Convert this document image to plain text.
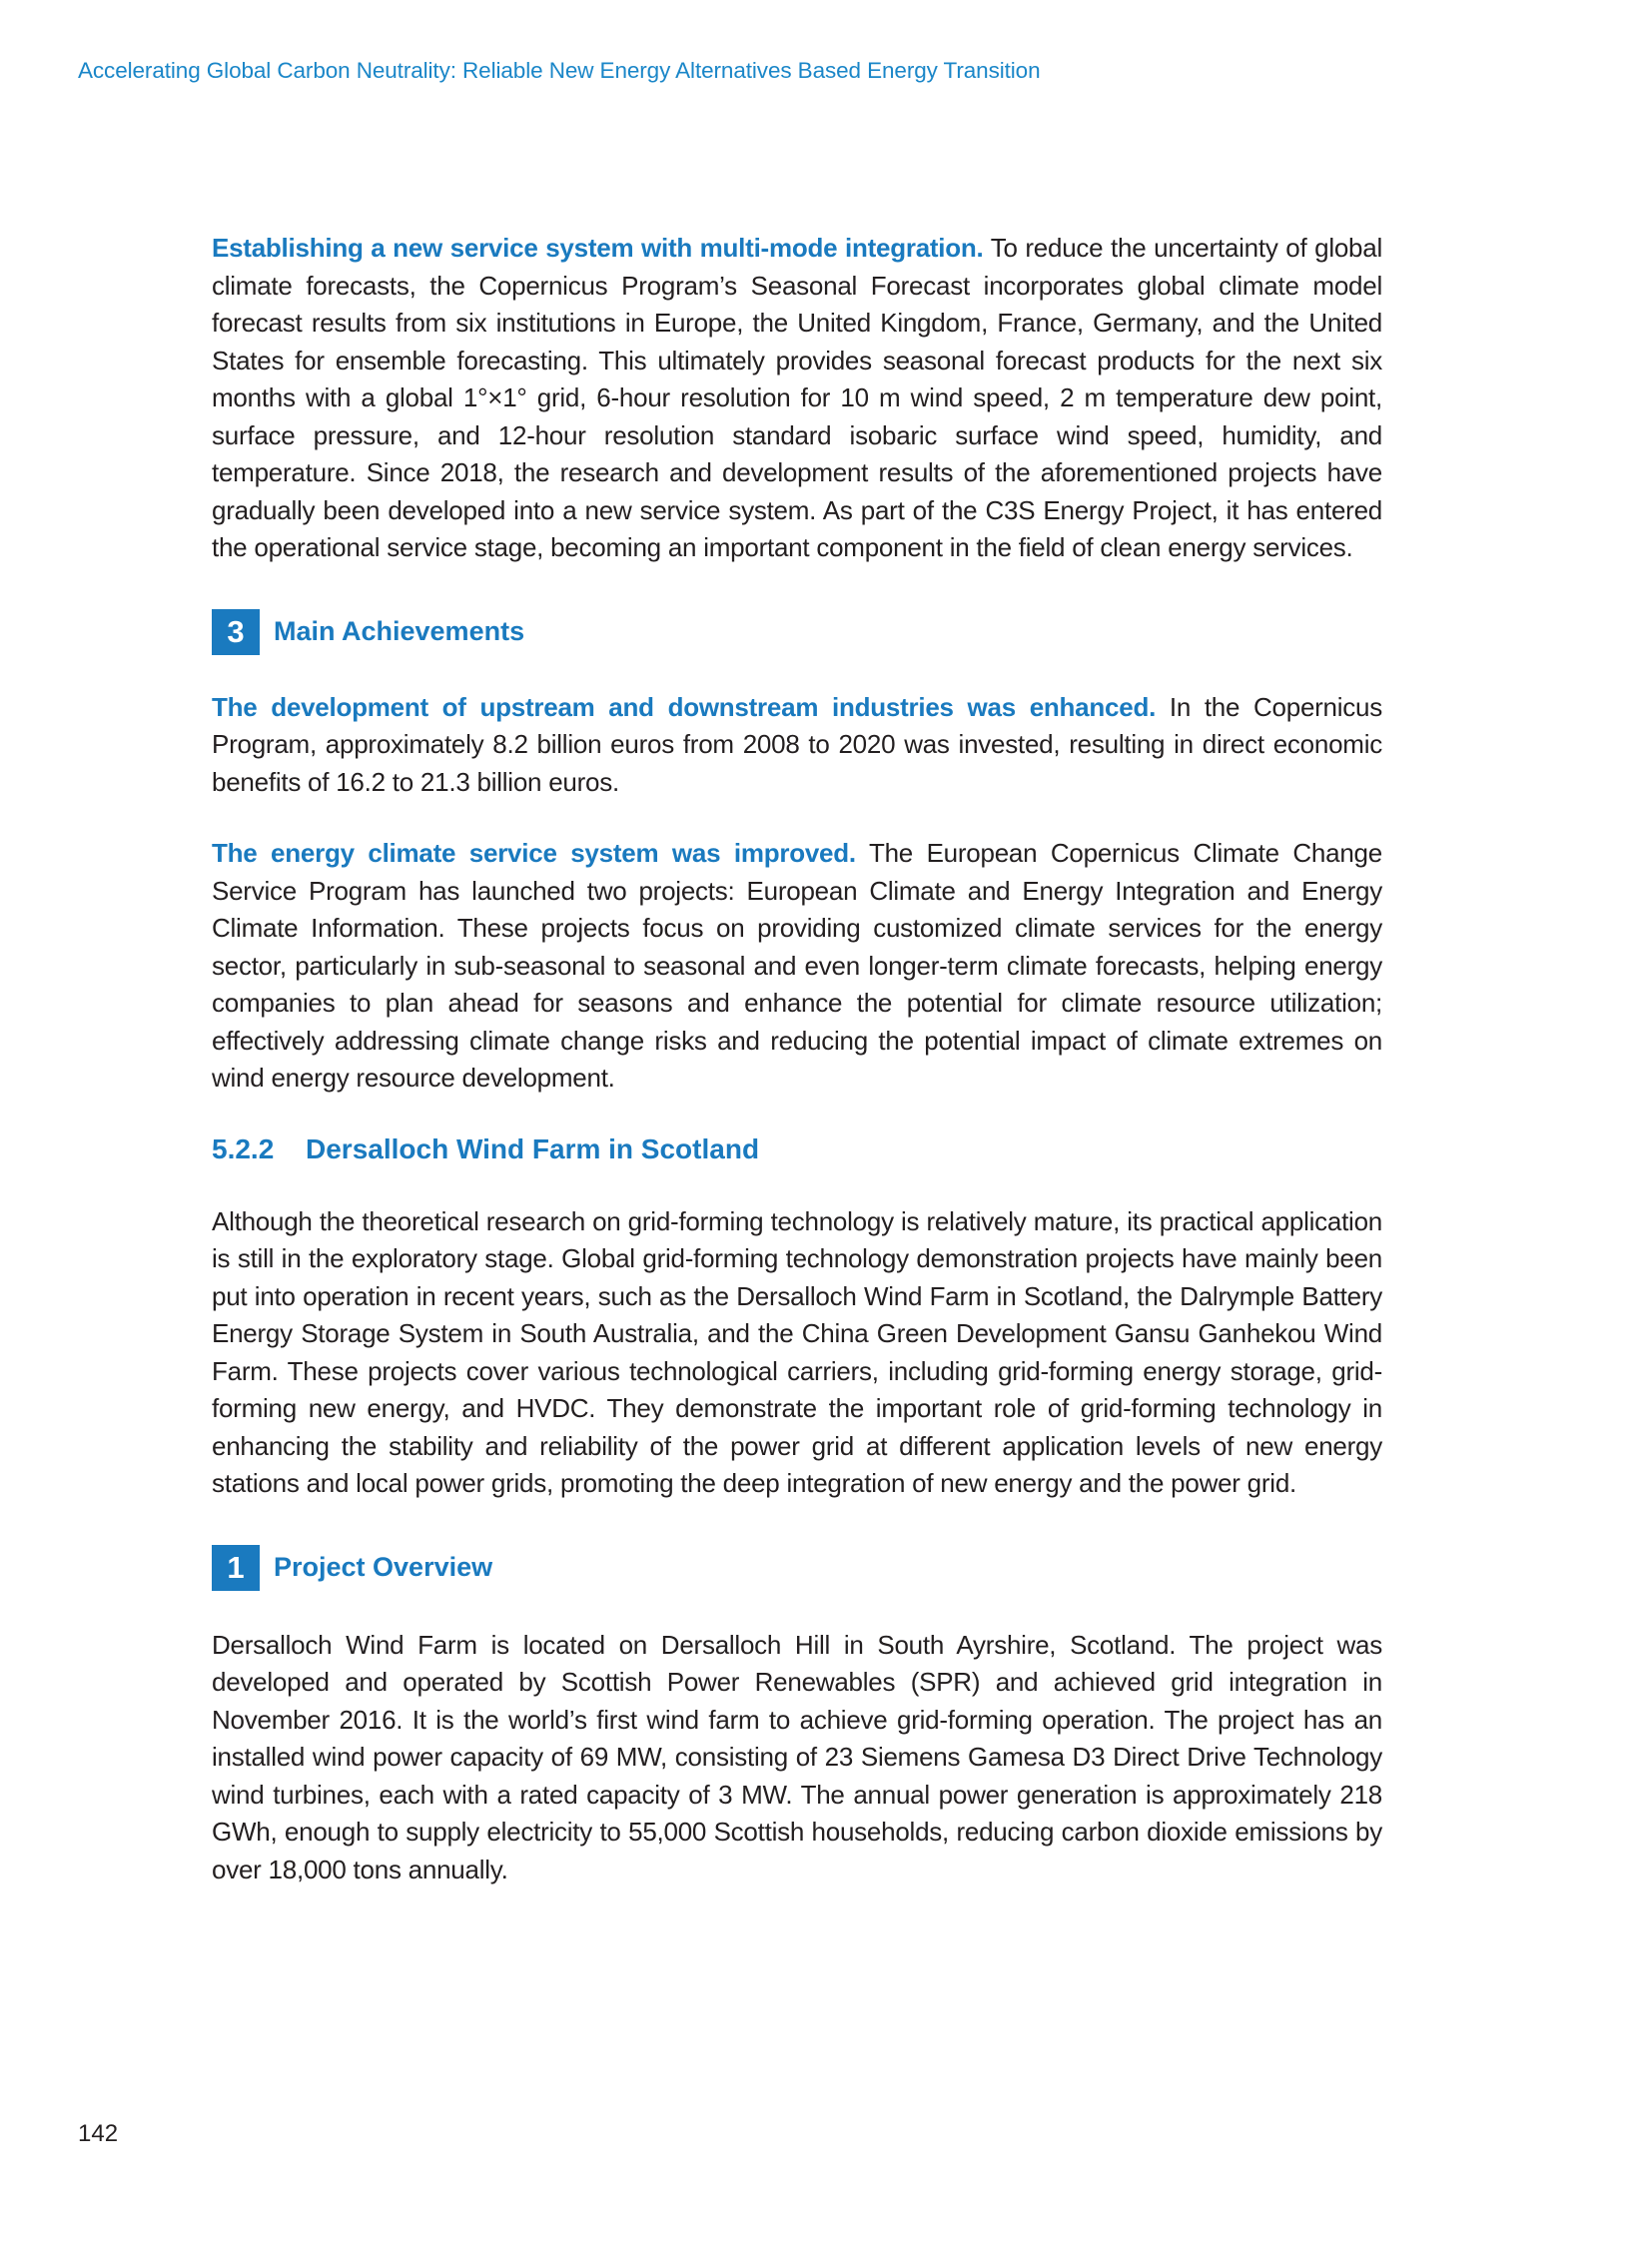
Accelerating Global Carbon Neutrality: Reliable New Energy Alternatives Based Energy Transition

Establishing a new service system with multi-mode integration. To reduce the uncertainty of global climate forecasts, the Copernicus Program’s Seasonal Forecast incorporates global climate model forecast results from six institutions in Europe, the United Kingdom, France, Germany, and the United States for ensemble forecasting. This ultimately provides seasonal forecast products for the next six months with a global 1°×1° grid, 6-hour resolution for 10 m wind speed, 2 m temperature dew point, surface pressure, and 12-hour resolution standard isobaric surface wind speed, humidity, and temperature. Since 2018, the research and development results of the aforementioned projects have gradually been developed into a new service system. As part of the C3S Energy Project, it has entered the operational service stage, becoming an important component in the field of clean energy services.

3	Main Achievements

The development of upstream and downstream industries was enhanced. In the Copernicus Program, approximately 8.2 billion euros from 2008 to 2020 was invested, resulting in direct economic benefits of 16.2 to 21.3 billion euros.

The energy climate service system was improved. The European Copernicus Climate Change Service Program has launched two projects: European Climate and Energy Integration and Energy Climate Information. These projects focus on providing customized climate services for the energy sector, particularly in sub-seasonal to seasonal and even longer-term climate forecasts, helping energy companies to plan ahead for seasons and enhance the potential for climate resource utilization; effectively addressing climate change risks and reducing the potential impact of climate extremes on wind energy resource development.

5.2.2	Dersalloch Wind Farm in Scotland

Although the theoretical research on grid-forming technology is relatively mature, its practical application is still in the exploratory stage. Global grid-forming technology demonstration projects have mainly been put into operation in recent years, such as the Dersalloch Wind Farm in Scotland, the Dalrymple Battery Energy Storage System in South Australia, and the China Green Development Gansu Ganhekou Wind Farm. These projects cover various technological carriers, including grid-forming energy storage, grid-forming new energy, and HVDC. They demonstrate the important role of grid-forming technology in enhancing the stability and reliability of the power grid at different application levels of new energy stations and local power grids, promoting the deep integration of new energy and the power grid.

1	Project Overview

Dersalloch Wind Farm is located on Dersalloch Hill in South Ayrshire, Scotland. The project was developed and operated by Scottish Power Renewables (SPR) and achieved grid integration in November 2016. It is the world’s first wind farm to achieve grid-forming operation. The project has an installed wind power capacity of 69 MW, consisting of 23 Siemens Gamesa D3 Direct Drive Technology wind turbines, each with a rated capacity of 3 MW. The annual power generation is approximately 218 GWh, enough to supply electricity to 55,000 Scottish households, reducing carbon dioxide emissions by over 18,000 tons annually.

142
